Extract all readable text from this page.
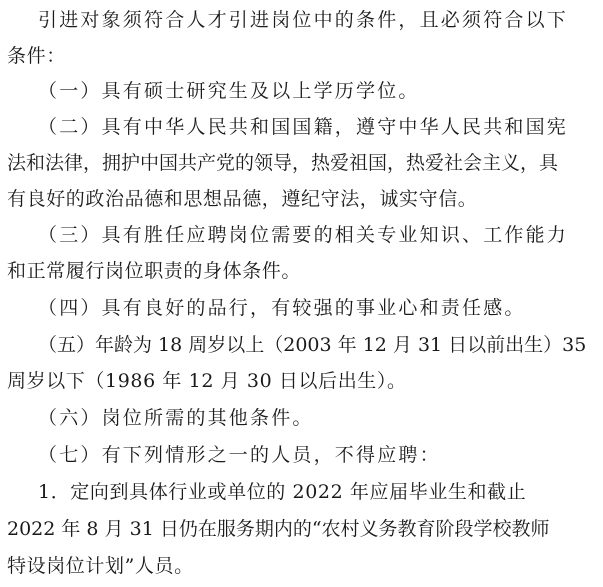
引进对象须符合人才引进岗位中的条件，且必须符合以下
条件：
（一）具有硕士研究生及以上学历学位。
（二）具有中华人民共和国国籍，遵守中华人民共和国宪
法和法律，拥护中国共产党的领导，热爱祖国，热爱社会主义，具
有良好的政治品德和思想品德，遵纪守法，诚实守信。
（三）具有胜任应聘岗位需要的相关专业知识、工作能力
和正常履行岗位职责的身体条件。
（四）具有良好的品行，有较强的事业心和责任感。
（五）年龄为 18 周岁以上（2003 年 12 月 31 日以前出生）35
周岁以下（1986 年 12 月 30 日以后出生）。
（六）岗位所需的其他条件。
（七）有下列情形之一的人员，不得应聘：
1．定向到具体行业或单位的 2022 年应届毕业生和截止
2022 年 8 月 31 日仍在服务期内的“农村义务教育阶段学校教师
特设岗位计划”人员。
